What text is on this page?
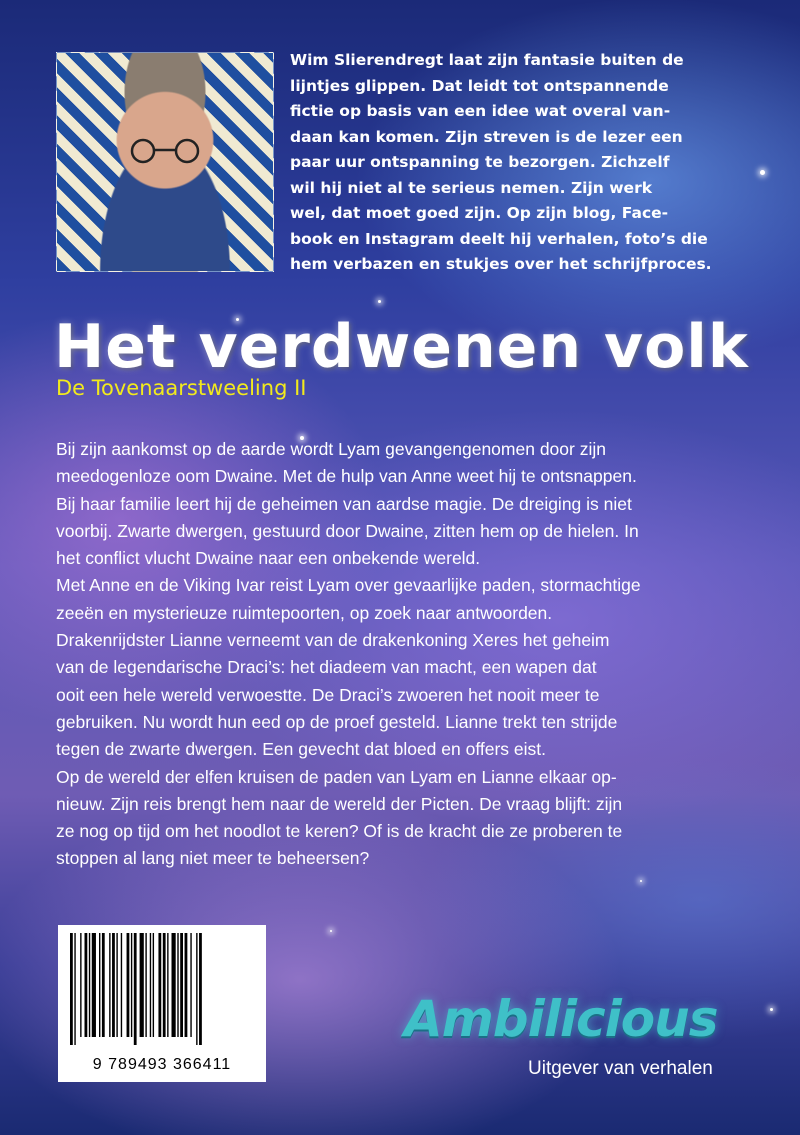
Wim Slierendregt laat zijn fantasie buiten de
lijntjes glippen. Dat leidt tot ontspannende
fictie op basis van een idee wat overal van-
daan kan komen. Zijn streven is de lezer een
paar uur ontspanning te bezorgen. Zichzelf
wil hij niet al te serieus nemen. Zijn werk
wel, dat moet goed zijn. Op zijn blog, Face-
book en Instagram deelt hij verhalen, foto’s die
hem verbazen en stukjes over het schrijfproces.
Het verdwenen volk
De Tovenaarstweeling II
Bij zijn aankomst op de aarde wordt Lyam gevangengenomen door zijn
meedogenloze oom Dwaine. Met de hulp van Anne weet hij te ontsnappen.
Bij haar familie leert hij de geheimen van aardse magie. De dreiging is niet
voorbij. Zwarte dwergen, gestuurd door Dwaine, zitten hem op de hielen. In
het conflict vlucht Dwaine naar een onbekende wereld.
Met Anne en de Viking Ivar reist Lyam over gevaarlijke paden, stormachtige
zeeën en mysterieuze ruimtepoorten, op zoek naar antwoorden.
Drakenrijdster Lianne verneemt van de drakenkoning Xeres het geheim
van de legendarische Draci’s: het diadeem van macht, een wapen dat
ooit een hele wereld verwoestte. De Draci’s zwoeren het nooit meer te
gebruiken. Nu wordt hun eed op de proef gesteld. Lianne trekt ten strijde
tegen de zwarte dwergen. Een gevecht dat bloed en offers eist.
Op de wereld der elfen kruisen de paden van Lyam en Lianne elkaar op-
nieuw. Zijn reis brengt hem naar de wereld der Picten. De vraag blijft: zijn
ze nog op tijd om het noodlot te keren? Of is de kracht die ze proberen te
stoppen al lang niet meer te beheersen?
9 789493 366411
Ambilicious
Uitgever van verhalen
